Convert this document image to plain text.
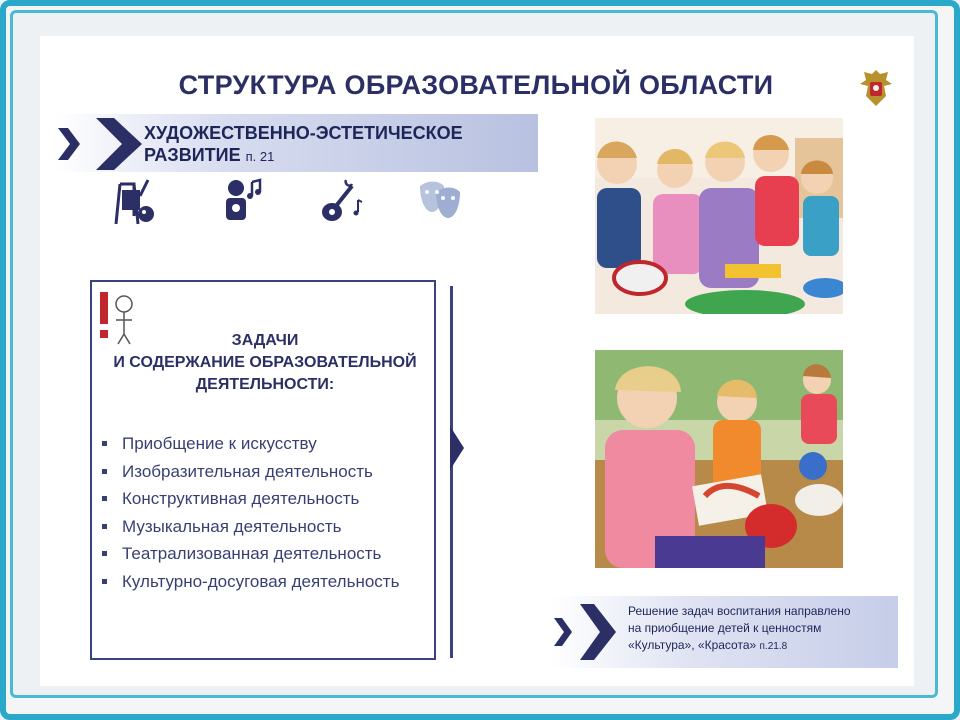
СТРУКТУРА ОБРАЗОВАТЕЛЬНОЙ ОБЛАСТИ
ХУДОЖЕСТВЕННО-ЭСТЕТИЧЕСКОЕ РАЗВИТИЕ п. 21
ЗАДАЧИ
И СОДЕРЖАНИЕ ОБРАЗОВАТЕЛЬНОЙ
ДЕЯТЕЛЬНОСТИ:
Приобщение к искусству
Изобразительная деятельность
Конструктивная деятельность
Музыкальная деятельность
Театрализованная деятельность
Культурно-досуговая деятельность
Решение задач воспитания направлено
на приобщение детей к ценностям
«Культура», «Красота» п.21.8
